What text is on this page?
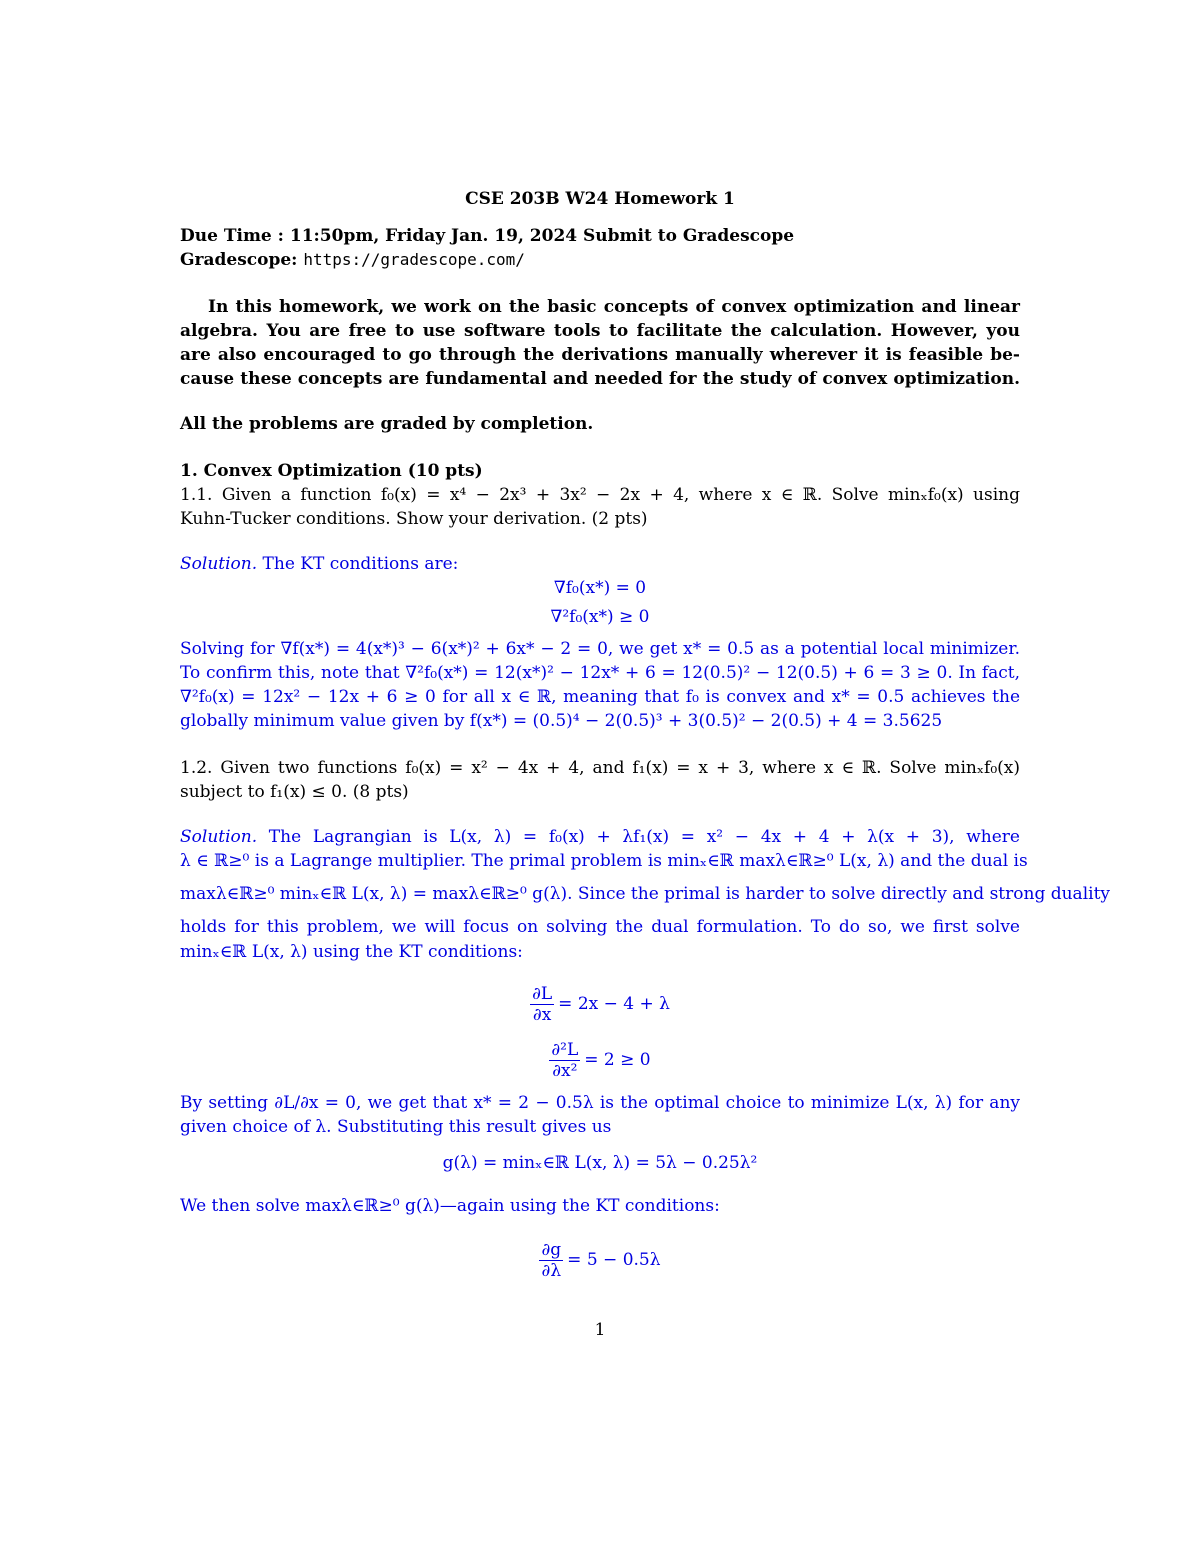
CSE 203B W24 Homework 1
Due Time : 11:50pm, Friday Jan. 19, 2024 Submit to Gradescope
Gradescope: https://gradescope.com/
In this homework, we work on the basic concepts of convex optimization and linear
algebra. You are free to use software tools to facilitate the calculation. However, you
are also encouraged to go through the derivations manually wherever it is feasible be-
cause these concepts are fundamental and needed for the study of convex optimization.
All the problems are graded by completion.
1. Convex Optimization (10 pts)
1.1. Given a function f₀(x) = x⁴ − 2x³ + 3x² − 2x + 4, where x ∈ ℝ. Solve minₓf₀(x) using
Kuhn-Tucker conditions. Show your derivation. (2 pts)
Solution. The KT conditions are:
∇f₀(x*) = 0
∇²f₀(x*) ≥ 0
Solving for ∇f(x*) = 4(x*)³ − 6(x*)² + 6x* − 2 = 0, we get x* = 0.5 as a potential local minimizer.
To confirm this, note that ∇²f₀(x*) = 12(x*)² − 12x* + 6 = 12(0.5)² − 12(0.5) + 6 = 3 ≥ 0. In fact,
∇²f₀(x) = 12x² − 12x + 6 ≥ 0 for all x ∈ ℝ, meaning that f₀ is convex and x* = 0.5 achieves the
globally minimum value given by f(x*) = (0.5)⁴ − 2(0.5)³ + 3(0.5)² − 2(0.5) + 4 = 3.5625
1.2. Given two functions f₀(x) = x² − 4x + 4, and f₁(x) = x + 3, where x ∈ ℝ. Solve minₓf₀(x)
subject to f₁(x) ≤ 0. (8 pts)
Solution. The Lagrangian is L(x, λ) = f₀(x) + λf₁(x) = x² − 4x + 4 + λ(x + 3), where
λ ∈ ℝ≥⁰ is a Lagrange multiplier. The primal problem is minₓ∈ℝ maxλ∈ℝ≥⁰ L(x, λ) and the dual is
maxλ∈ℝ≥⁰ minₓ∈ℝ L(x, λ) = maxλ∈ℝ≥⁰ g(λ). Since the primal is harder to solve directly and strong duality
holds for this problem, we will focus on solving the dual formulation. To do so, we first solve
minₓ∈ℝ L(x, λ) using the KT conditions:
$\frac{\partial L}{\partial x} = 2x - 4 + \lambda$
$\frac{\text{∂²L}}{\text{∂x²}} = 2 \ge 0$
By setting ∂L/∂x = 0, we get that x* = 2 − 0.5λ is the optimal choice to minimize L(x, λ) for any
given choice of λ. Substituting this result gives us
g(λ) = minₓ∈ℝ L(x, λ) = 5λ − 0.25λ²
We then solve maxλ∈ℝ≥⁰ g(λ)—again using the KT conditions:
$\frac{\partial g}{\partial\lambda} = 5 - 0.5\lambda$
1
